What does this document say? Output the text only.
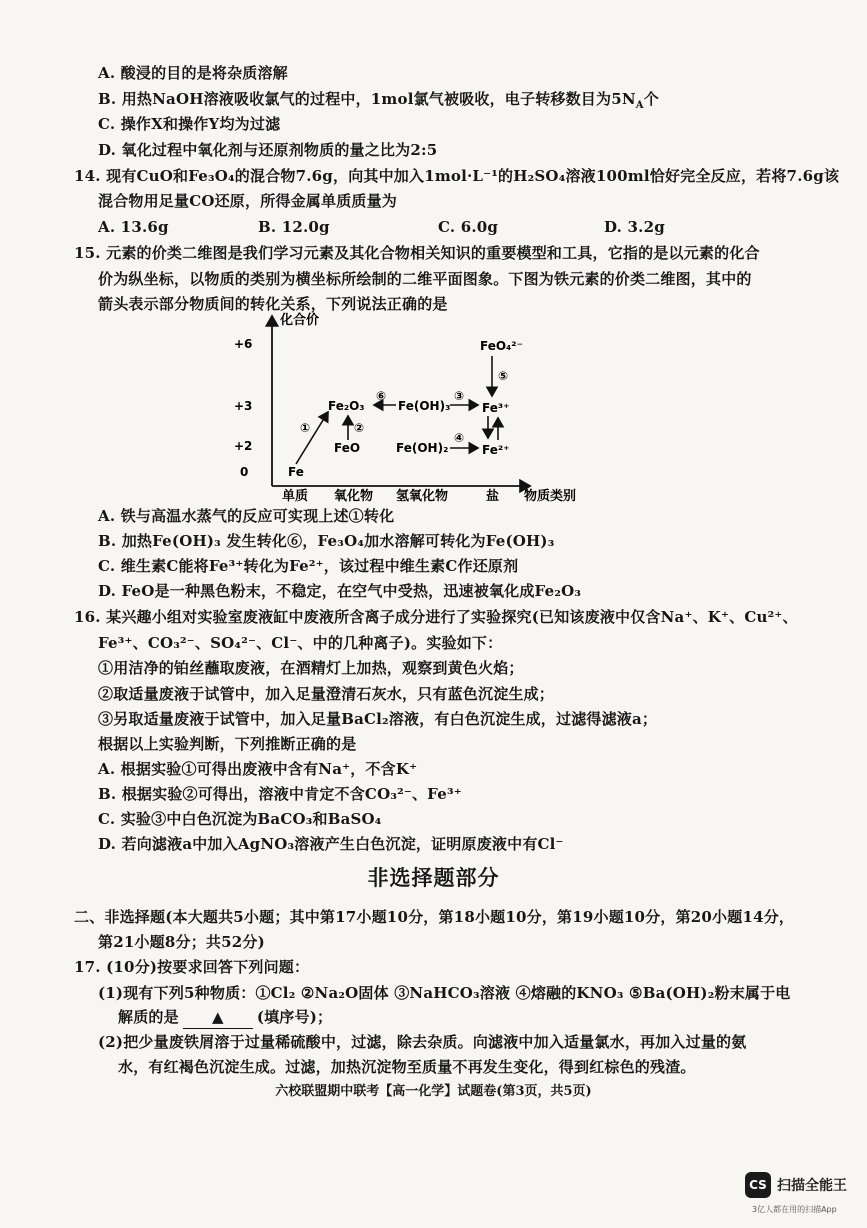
A. 酸浸的目的是将杂质溶解
B. 用热NaOH溶液吸收氯气的过程中，1mol氯气被吸收，电子转移数目为$5N_A$个
C. 操作X和操作Y均为过滤
D. 氧化过程中氧化剂与还原剂物质的量之比为2:5
14. 现有CuO和Fe₃O₄的混合物7.6g，向其中加入1mol·L⁻¹的H₂SO₄溶液100ml恰好完全反应，若将7.6g该
混合物用足量CO还原，所得金属单质质量为
A. 13.6g	B. 12.0g	C. 6.0g	D. 3.2g
15. 元素的价类二维图是我们学习元素及其化合物相关知识的重要模型和工具，它指的是以元素的化合
价为纵坐标，以物质的类别为横坐标所绘制的二维平面图象。下图为铁元素的价类二维图，其中的
箭头表示部分物质间的转化关系，下列说法正确的是
化合价
物质类别
+6
+3
+2
0
单质 氧化物 氢氧化物	盐
Fe
Fe₂O₃
FeO
Fe(OH)₃
Fe(OH)₂
Fe³⁺
Fe²⁺
FeO₄²⁻
①	②
⑥	③
④
⑤
A. 铁与高温水蒸气的反应可实现上述①转化
B. 加热Fe(OH)₃ 发生转化⑥，Fe₃O₄加水溶解可转化为Fe(OH)₃
C. 维生素C能将Fe³⁺转化为Fe²⁺，该过程中维生素C作还原剂
D. FeO是一种黑色粉末，不稳定，在空气中受热，迅速被氧化成Fe₂O₃
16. 某兴趣小组对实验室废液缸中废液所含离子成分进行了实验探究(已知该废液中仅含Na⁺、K⁺、Cu²⁺、
Fe³⁺、CO₃²⁻、SO₄²⁻、Cl⁻、中的几种离子)。实验如下：
①用洁净的铂丝蘸取废液，在酒精灯上加热，观察到黄色火焰；
②取适量废液于试管中，加入足量澄清石灰水，只有蓝色沉淀生成；
③另取适量废液于试管中，加入足量BaCl₂溶液，有白色沉淀生成，过滤得滤液a；
根据以上实验判断，下列推断正确的是
A. 根据实验①可得出废液中含有Na⁺，不含K⁺
B. 根据实验②可得出，溶液中肯定不含CO₃²⁻、Fe³⁺
C. 实验③中白色沉淀为BaCO₃和BaSO₄
D. 若向滤液a中加入AgNO₃溶液产生白色沉淀，证明原废液中有Cl⁻
非选择题部分
二、非选择题(本大题共5小题；其中第17小题10分，第18小题10分，第19小题10分，第20小题14分，
第21小题8分；共52分)
17. (10分)按要求回答下列问题：
(1)现有下列5种物质：①Cl₂ ②Na₂O固体 ③NaHCO₃溶液 ④熔融的KNO₃ ⑤Ba(OH)₂粉末属于电
解质的是 ▲ (填序号)；
(2)把少量废铁屑溶于过量稀硫酸中，过滤，除去杂质。向滤液中加入适量氯水，再加入过量的氨
水，有红褐色沉淀生成。过滤，加热沉淀物至质量不再发生变化，得到红棕色的残渣。
六校联盟期中联考【高一化学】试题卷(第3页，共5页)
CS 扫描全能王
3亿人都在用的扫描App
